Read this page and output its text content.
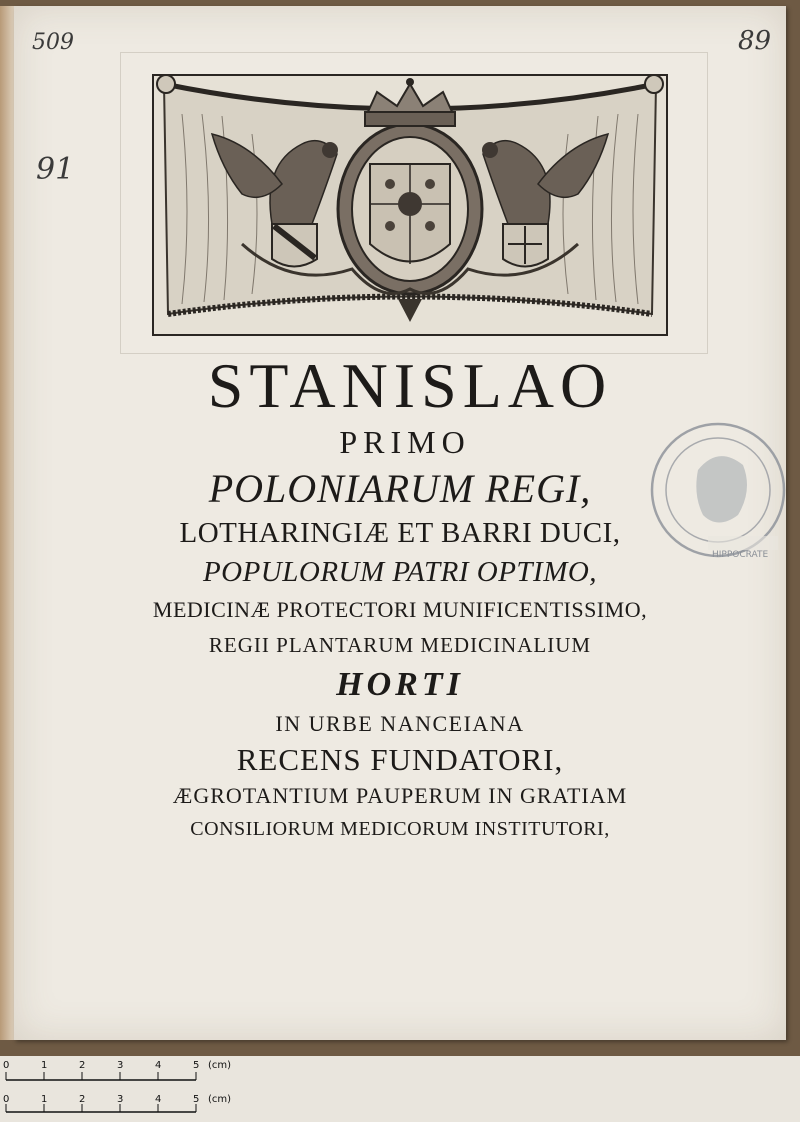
509	89
91
HIPPOCRATE
STANISLAO
PRIMO
POLONIARUM REGI,
LOTHARINGIÆ ET BARRI DUCI,
POPULORUM PATRI OPTIMO,
MEDICINÆ PROTECTORI MUNIFICENTISSIMO,
REGII PLANTARUM MEDICINALIUM
HORTI
IN URBE NANCEIANA
RECENS FUNDATORI,
ÆGROTANTIUM PAUPERUM IN GRATIAM
CONSILIORUM MEDICORUM INSTITUTORI,
0	1	2	3	4	5 (cm)
0	1	2	3	4	5 (cm)
